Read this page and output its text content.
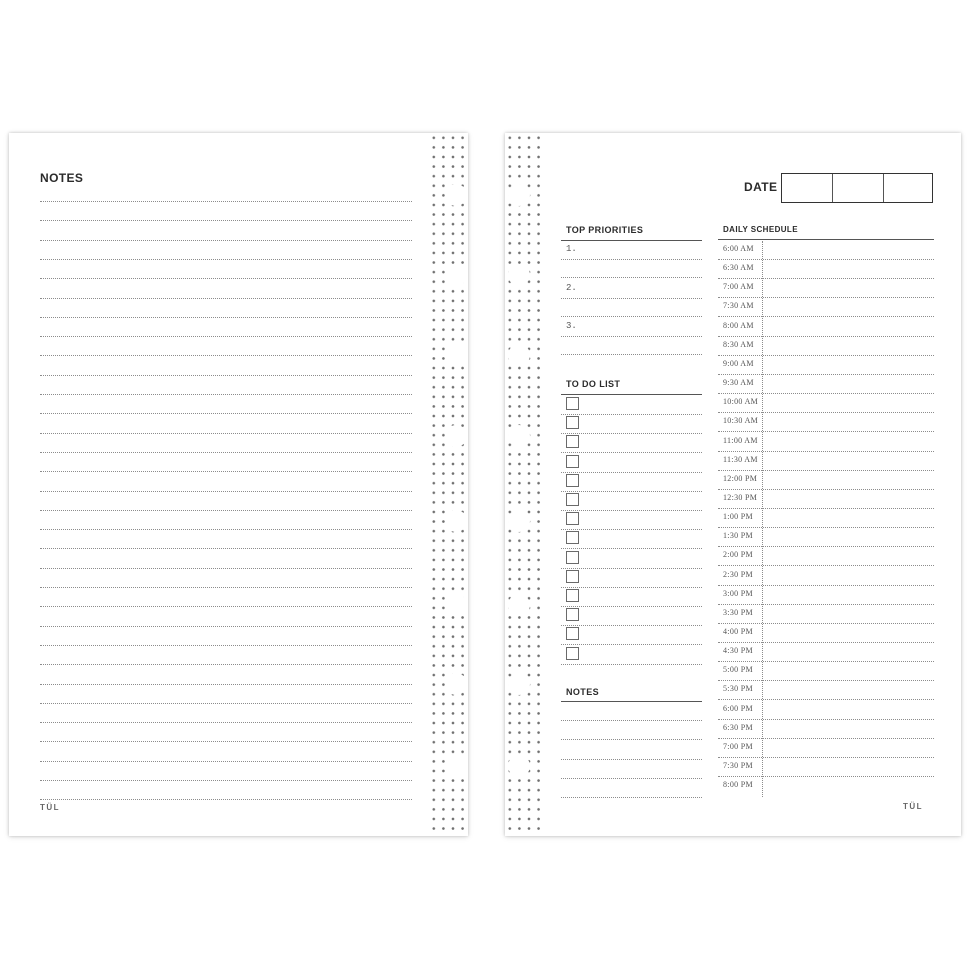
NOTES
TÜL
DATE
TOP PRIORITIES
1.
2.
3.
TO DO LIST
NOTES
DAILY SCHEDULE
6:00 AM
6:30 AM
7:00 AM
7:30 AM
8:00 AM
8:30 AM
9:00 AM
9:30 AM
10:00 AM
10:30 AM
11:00 AM
11:30 AM
12:00 PM
12:30 PM
1:00 PM
1:30 PM
2:00 PM
2:30 PM
3:00 PM
3:30 PM
4:00 PM
4:30 PM
5:00 PM
5:30 PM
6:00 PM
6:30 PM
7:00 PM
7:30 PM
8:00 PM
TÜL
